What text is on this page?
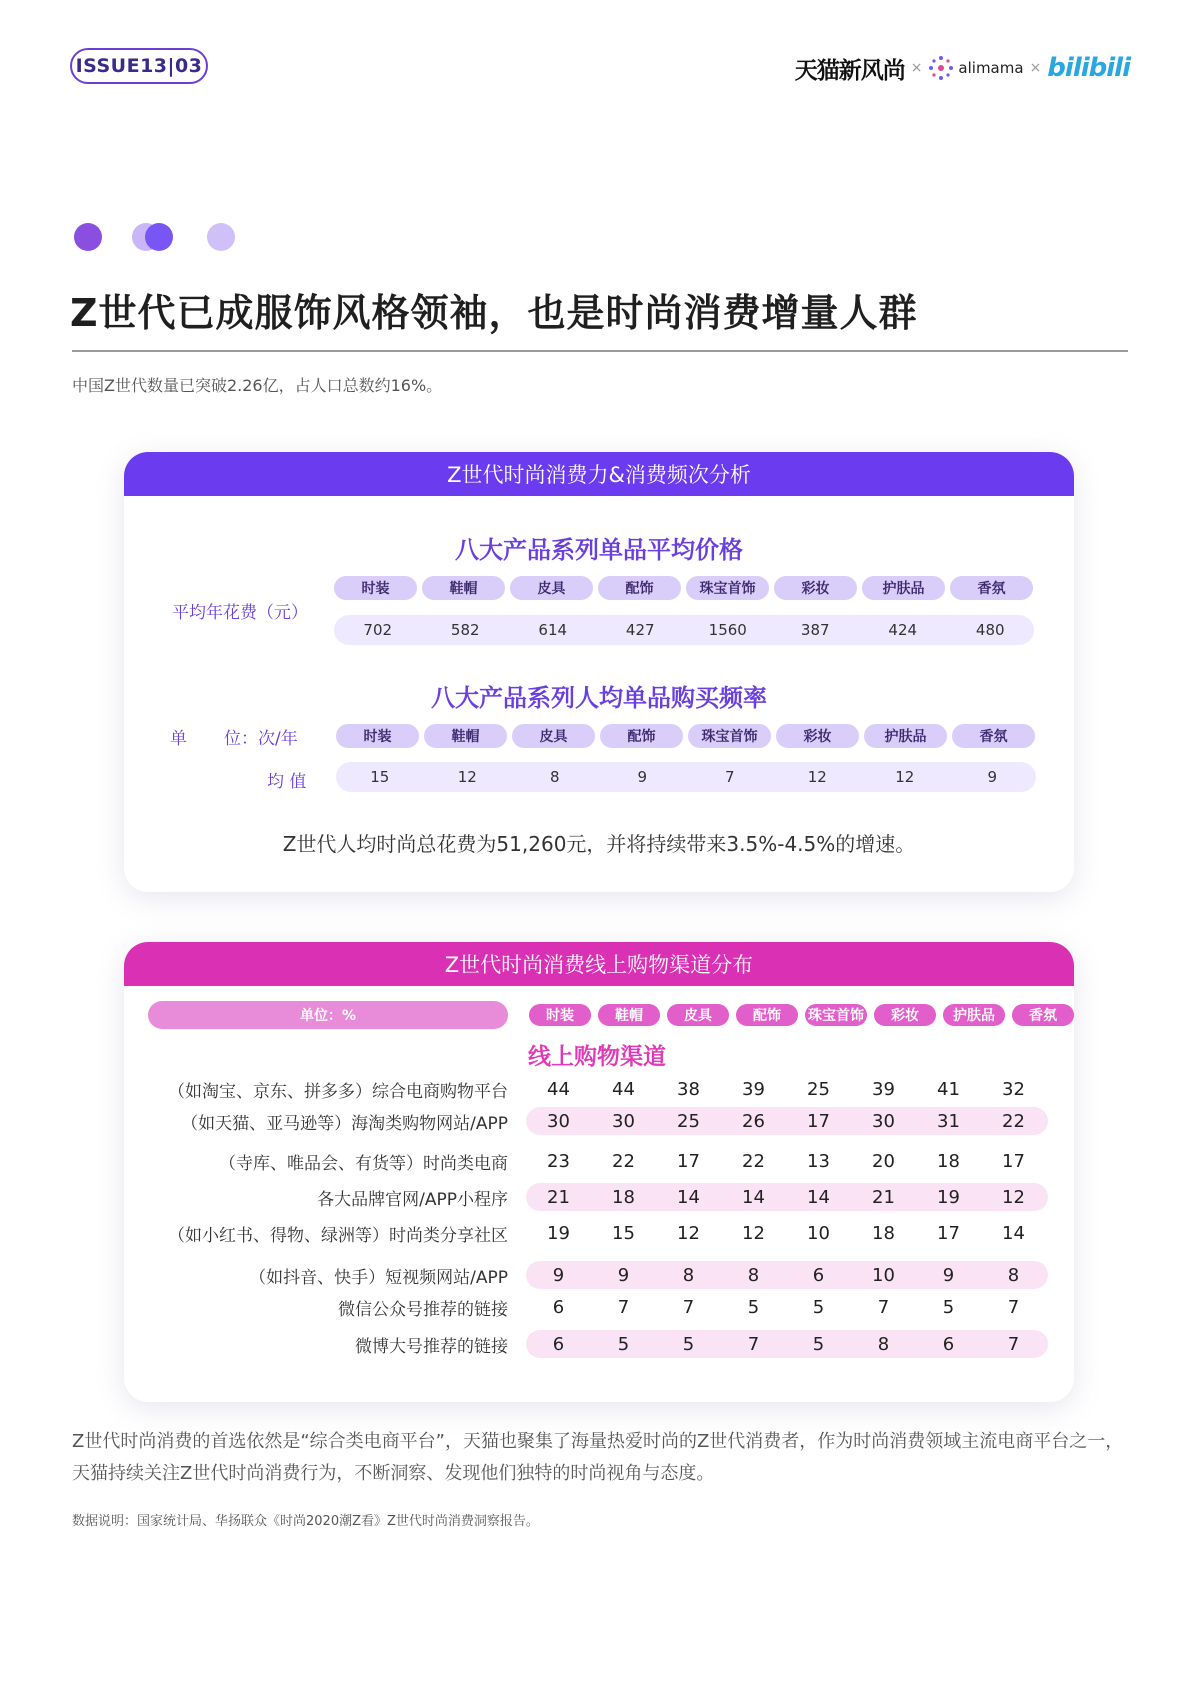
ISSUE13|03	天猫新风尚 × alimama × bilibili
Z世代已成服饰风格领袖，也是时尚消费增量人群
中国Z世代数量已突破2.26亿，占人口总数约16%。
Z世代时尚消费力&消费频次分析
八大产品系列单品平均价格
平均年花费（元）
时装	鞋帽	皮具	配饰	珠宝首饰	彩妆	护肤品	香氛
702	582	614	427	1560	387	424	480
八大产品系列人均单品购买频率
单 位：次/年
均 值
时装	鞋帽	皮具	配饰	珠宝首饰	彩妆	护肤品	香氛
15	12	8	9	7	12	12	9
Z世代人均时尚总花费为51,260元，并将持续带来3.5%-4.5%的增速。
Z世代时尚消费线上购物渠道分布
单位：%	时装	鞋帽	皮具	配饰	珠宝首饰	彩妆	护肤品	香氛
线上购物渠道
（如淘宝、京东、拼多多）综合电商购物平台	44	44	38	39	25	39	41	32
（如天猫、亚马逊等）海淘类购物网站/APP	30	30	25	26	17	30	31	22
（寺库、唯品会、有货等）时尚类电商	23	22	17	22	13	20	18	17
各大品牌官网/APP小程序	21	18	14	14	14	21	19	12
（如小红书、得物、绿洲等）时尚类分享社区	19	15	12	12	10	18	17	14
（如抖音、快手）短视频网站/APP	9	9	8	8	6	10	9	8
微信公众号推荐的链接	6	7	7	5	5	7	5	7
微博大号推荐的链接	6	5	5	7	5	8	6	7
Z世代时尚消费的首选依然是“综合类电商平台”，天猫也聚集了海量热爱时尚的Z世代消费者，作为时尚消费领域主流电商平台之一，天猫持续关注Z世代时尚消费行为，不断洞察、发现他们独特的时尚视角与态度。
数据说明：国家统计局、华扬联众《时尚2020潮Z看》Z世代时尚消费洞察报告。
